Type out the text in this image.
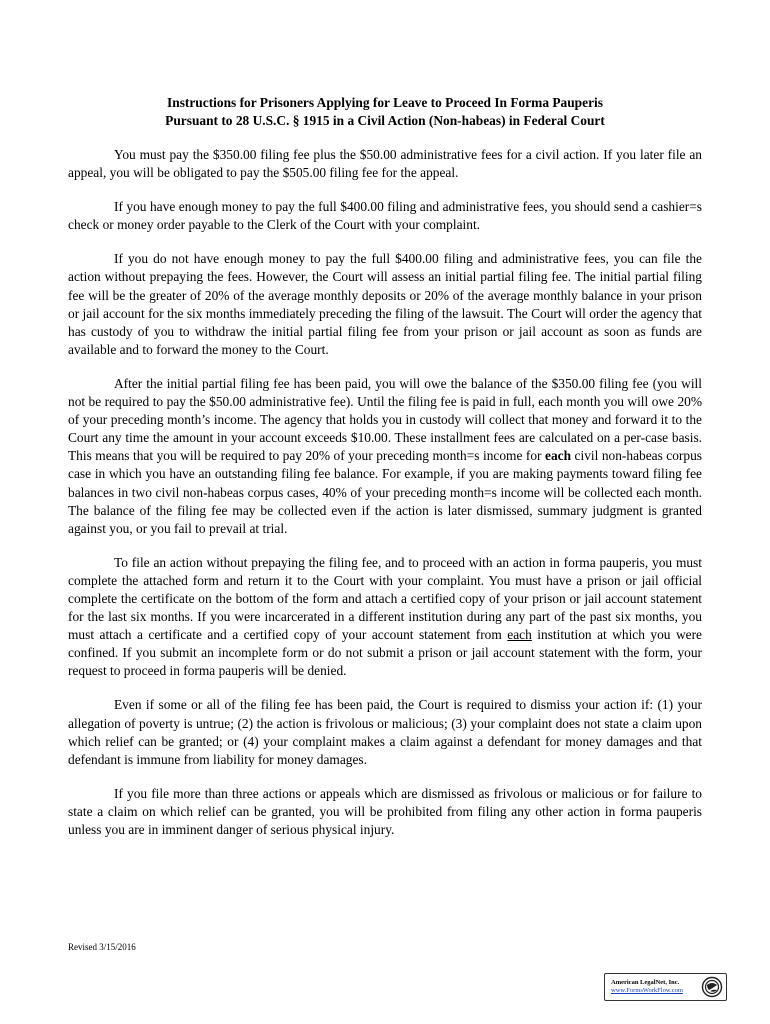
Instructions for Prisoners Applying for Leave to Proceed In Forma Pauperis
Pursuant to 28 U.S.C. § 1915 in a Civil Action (Non-habeas) in Federal Court

You must pay the $350.00 filing fee plus the $50.00 administrative fees for a civil action. If you later file an appeal, you will be obligated to pay the $505.00 filing fee for the appeal.

If you have enough money to pay the full $400.00 filing and administrative fees, you should send a cashier=s check or money order payable to the Clerk of the Court with your complaint.

If you do not have enough money to pay the full $400.00 filing and administrative fees, you can file the action without prepaying the fees. However, the Court will assess an initial partial filing fee. The initial partial filing fee will be the greater of 20% of the average monthly deposits or 20% of the average monthly balance in your prison or jail account for the six months immediately preceding the filing of the lawsuit. The Court will order the agency that has custody of you to withdraw the initial partial filing fee from your prison or jail account as soon as funds are available and to forward the money to the Court.

After the initial partial filing fee has been paid, you will owe the balance of the $350.00 filing fee (you will not be required to pay the $50.00 administrative fee). Until the filing fee is paid in full, each month you will owe 20% of your preceding month’s income. The agency that holds you in custody will collect that money and forward it to the Court any time the amount in your account exceeds $10.00. These installment fees are calculated on a per-case basis. This means that you will be required to pay 20% of your preceding month=s income for each civil non-habeas corpus case in which you have an outstanding filing fee balance. For example, if you are making payments toward filing fee balances in two civil non-habeas corpus cases, 40% of your preceding month=s income will be collected each month. The balance of the filing fee may be collected even if the action is later dismissed, summary judgment is granted against you, or you fail to prevail at trial.

To file an action without prepaying the filing fee, and to proceed with an action in forma pauperis, you must complete the attached form and return it to the Court with your complaint. You must have a prison or jail official complete the certificate on the bottom of the form and attach a certified copy of your prison or jail account statement for the last six months. If you were incarcerated in a different institution during any part of the past six months, you must attach a certificate and a certified copy of your account statement from each institution at which you were confined. If you submit an incomplete form or do not submit a prison or jail account statement with the form, your request to proceed in forma pauperis will be denied.

Even if some or all of the filing fee has been paid, the Court is required to dismiss your action if: (1) your allegation of poverty is untrue; (2) the action is frivolous or malicious; (3) your complaint does not state a claim upon which relief can be granted; or (4) your complaint makes a claim against a defendant for money damages and that defendant is immune from liability for money damages.

If you file more than three actions or appeals which are dismissed as frivolous or malicious or for failure to state a claim on which relief can be granted, you will be prohibited from filing any other action in forma pauperis unless you are in imminent danger of serious physical injury.

Revised 3/15/2016
American LegalNet, Inc.
www.FormsWorkFlow.com
